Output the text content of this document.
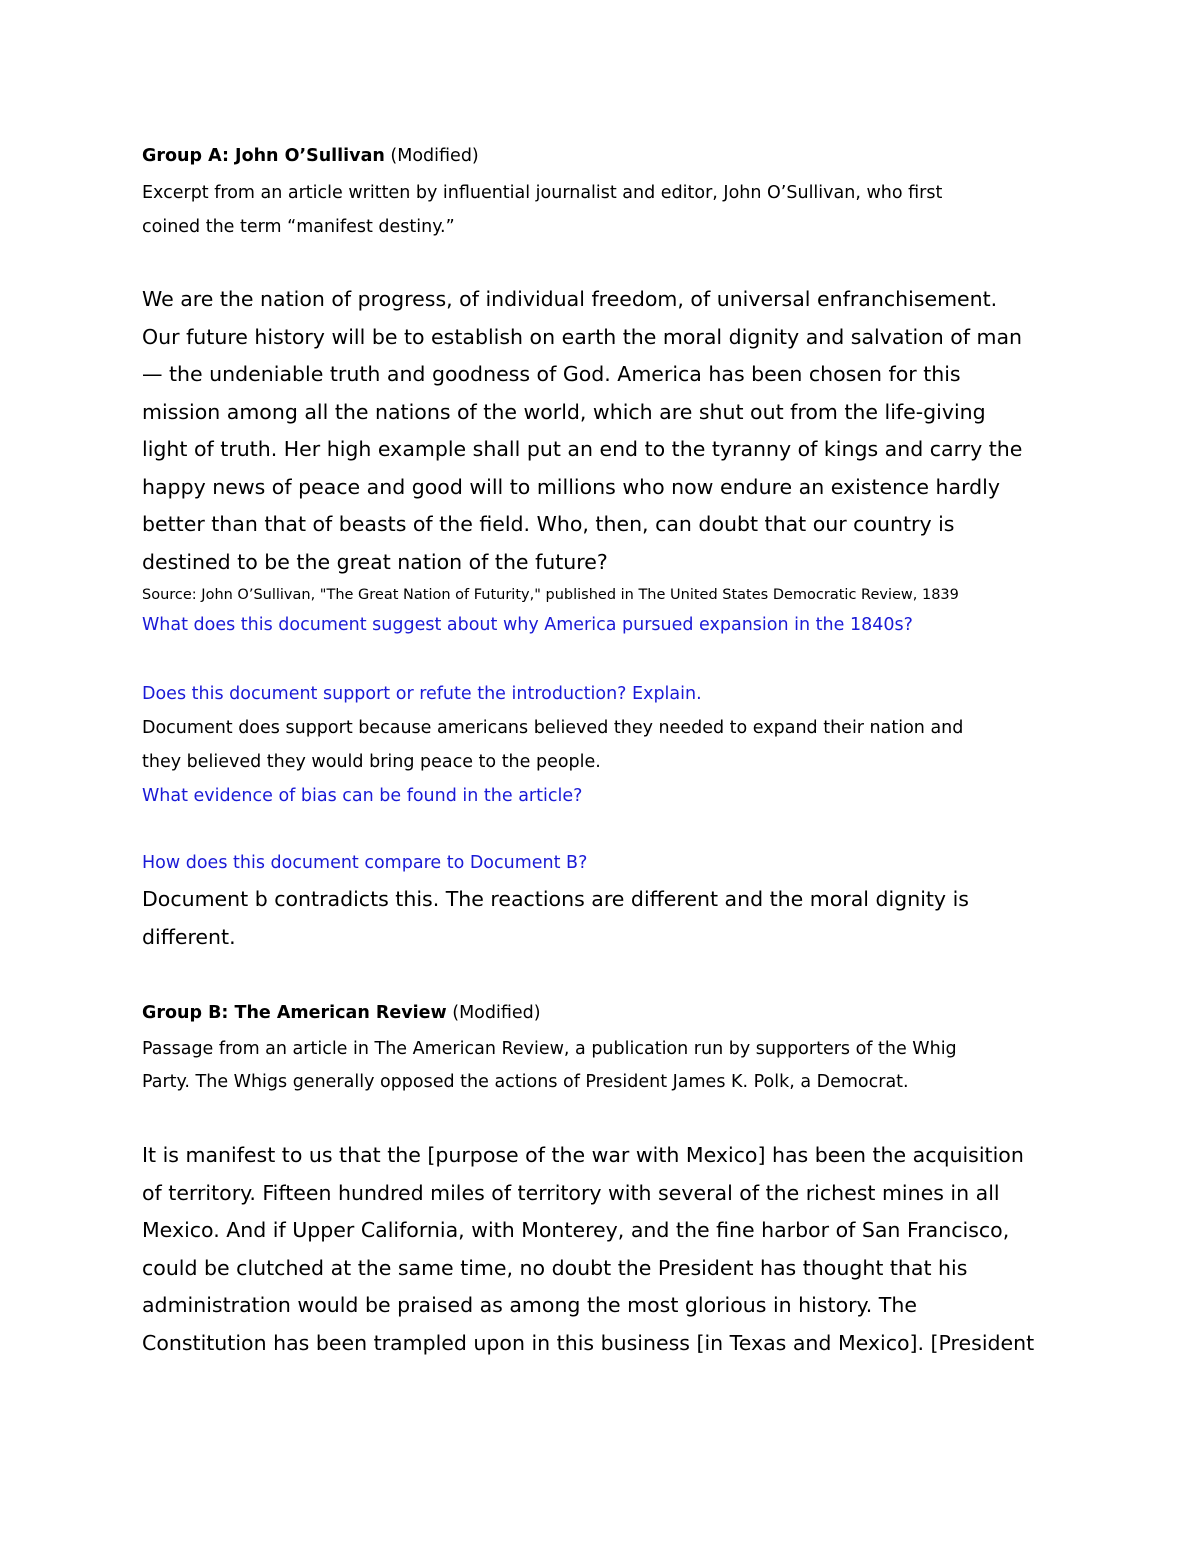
Group A: John O’Sullivan (Modified)
Excerpt from an article written by influential journalist and editor, John O’Sullivan, who first
coined the term “manifest destiny.”
We are the nation of progress, of individual freedom, of universal enfranchisement.
Our future history will be to establish on earth the moral dignity and salvation of man
— the undeniable truth and goodness of God. America has been chosen for this
mission among all the nations of the world, which are shut out from the life-giving
light of truth. Her high example shall put an end to the tyranny of kings and carry the
happy news of peace and good will to millions who now endure an existence hardly
better than that of beasts of the field. Who, then, can doubt that our country is
destined to be the great nation of the future?
Source: John O’Sullivan, "The Great Nation of Futurity," published in The United States Democratic Review, 1839
What does this document suggest about why America pursued expansion in the 1840s?
Does this document support or refute the introduction? Explain.
Document does support because americans believed they needed to expand their nation and
they believed they would bring peace to the people.
What evidence of bias can be found in the article?
How does this document compare to Document B?
Document b contradicts this. The reactions are different and the moral dignity is
different.
Group B: The American Review (Modified)
Passage from an article in The American Review, a publication run by supporters of the Whig
Party. The Whigs generally opposed the actions of President James K. Polk, a Democrat.
It is manifest to us that the [purpose of the war with Mexico] has been the acquisition
of territory. Fifteen hundred miles of territory with several of the richest mines in all
Mexico. And if Upper California, with Monterey, and the fine harbor of San Francisco,
could be clutched at the same time, no doubt the President has thought that his
administration would be praised as among the most glorious in history. The
Constitution has been trampled upon in this business [in Texas and Mexico]. [President
